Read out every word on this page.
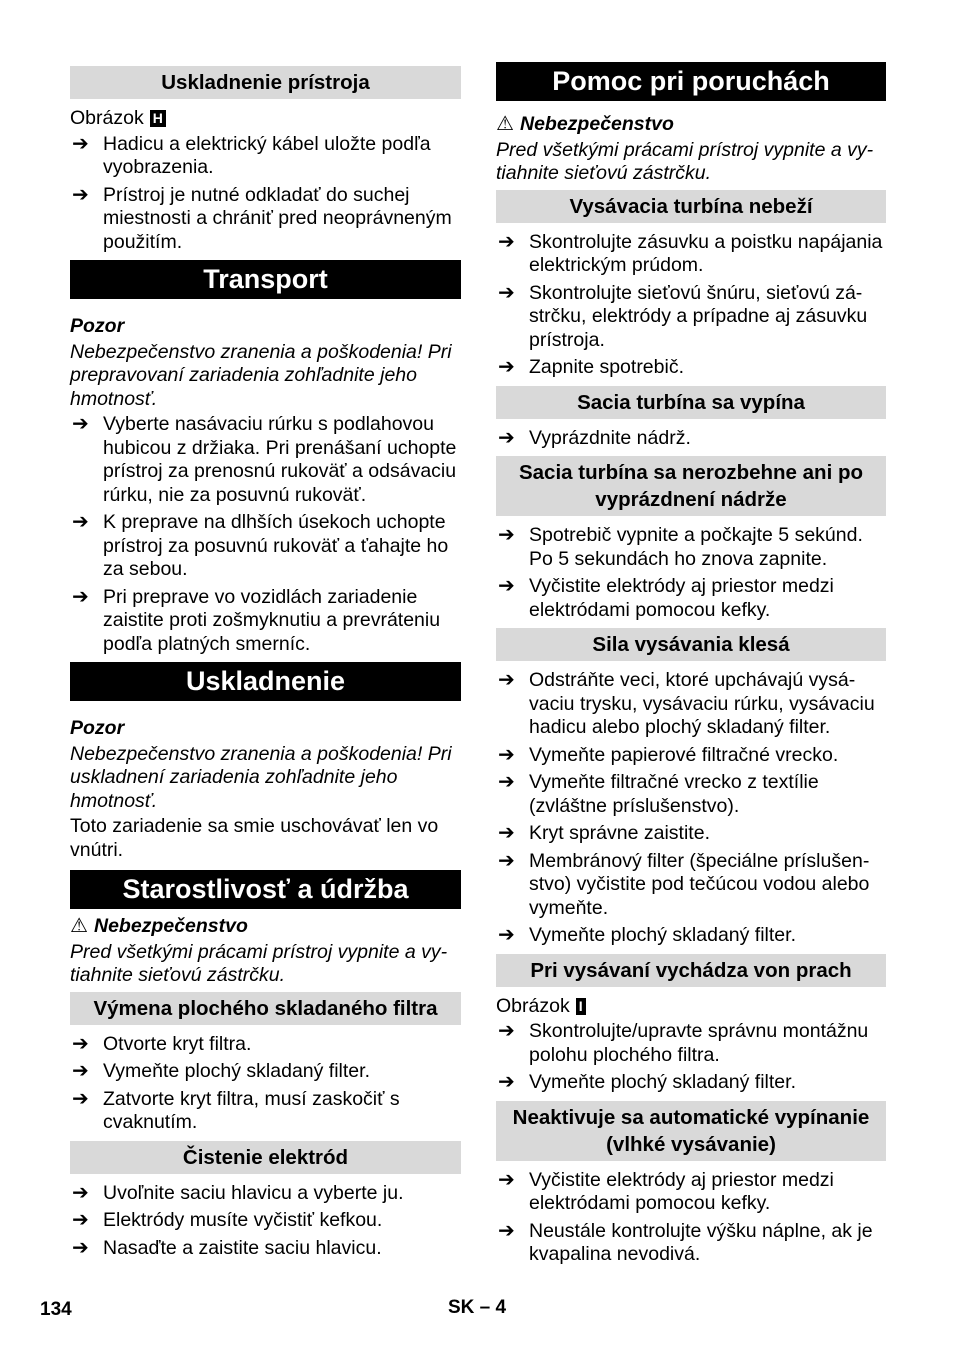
Uskladnenie prístroja
Obrázok H
➔ Hadicu a elektrický kábel uložte podľa vyobrazenia.
➔ Prístroj je nutné odkladať do suchej miestnosti a chrániť pred neoprávneným použitím.
Transport
Pozor
Nebezpečenstvo zranenia a poškodenia! Pri prepravovaní zariadenia zohľadnite jeho hmotnosť.
➔ Vyberte nasávaciu rúrku s podlahovou hubicou z držiaka. Pri prenášaní uchopte prístroj za prenosnú rukoväť a odsávaciu rúrku, nie za posuvnú rukoväť.
➔ K preprave na dlhších úsekoch uchopte prístroj za posuvnú rukoväť a ťahajte ho za sebou.
➔ Pri preprave vo vozidlách zariadenie zaistite proti zošmyknutiu a prevráteniu podľa platných smerníc.
Uskladnenie
Pozor
Nebezpečenstvo zranenia a poškodenia! Pri uskladnení zariadenia zohľadnite jeho hmotnosť.
Toto zariadenie sa smie uschovávať len vo vnútri.
Starostlivosť a údržba
⚠ Nebezpečenstvo
Pred všetkými prácami prístroj vypnite a vytiahnite sieťovú zástrčku.
Výmena plochého skladaného filtra
➔ Otvorte kryt filtra.
➔ Vymeňte plochý skladaný filter.
➔ Zatvorte kryt filtra, musí zaskočiť s cvaknutím.
Čistenie elektród
➔ Uvoľnite saciu hlavicu a vyberte ju.
➔ Elektródy musíte vyčistiť kefkou.
➔ Nasaďte a zaistite saciu hlavicu.
Pomoc pri poruchách
⚠ Nebezpečenstvo
Pred všetkými prácami prístroj vypnite a vytiahnite sieťovú zástrčku.
Vysávacia turbína nebeží
➔ Skontrolujte zásuvku a poistku napájania elektrickým prúdom.
➔ Skontrolujte sieťovú šnúru, sieťovú zástrčku, elektródy a prípadne aj zásuvku prístroja.
➔ Zapnite spotrebič.
Sacia turbína sa vypína
➔ Vyprázdnite nádrž.
Sacia turbína sa nerozbehne ani po vyprázdnení nádrže
➔ Spotrebič vypnite a počkajte 5 sekúnd. Po 5 sekundách ho znova zapnite.
➔ Vyčistite elektródy aj priestor medzi elektródami pomocou kefky.
Sila vysávania klesá
➔ Odstráňte veci, ktoré upchávajú vysávaciu trysku, vysávaciu rúrku, vysávaciu hadicu alebo plochý skladaný filter.
➔ Vymeňte papierové filtračné vrecko.
➔ Vymeňte filtračné vrecko z textílie (zvláštne príslušenstvo).
➔ Kryt správne zaistite.
➔ Membránový filter (špeciálne príslušenstvo) vyčistite pod tečúcou vodou alebo vymeňte.
➔ Vymeňte plochý skladaný filter.
Pri vysávaní vychádza von prach
Obrázok I
➔ Skontrolujte/upravte správnu montážnu polohu plochého filtra.
➔ Vymeňte plochý skladaný filter.
Neaktivuje sa automatické vypínanie (vlhké vysávanie)
➔ Vyčistite elektródy aj priestor medzi elektródami pomocou kefky.
➔ Neustále kontrolujte výšku náplne, ak je kvapalina nevodivá.
134	SK – 4
